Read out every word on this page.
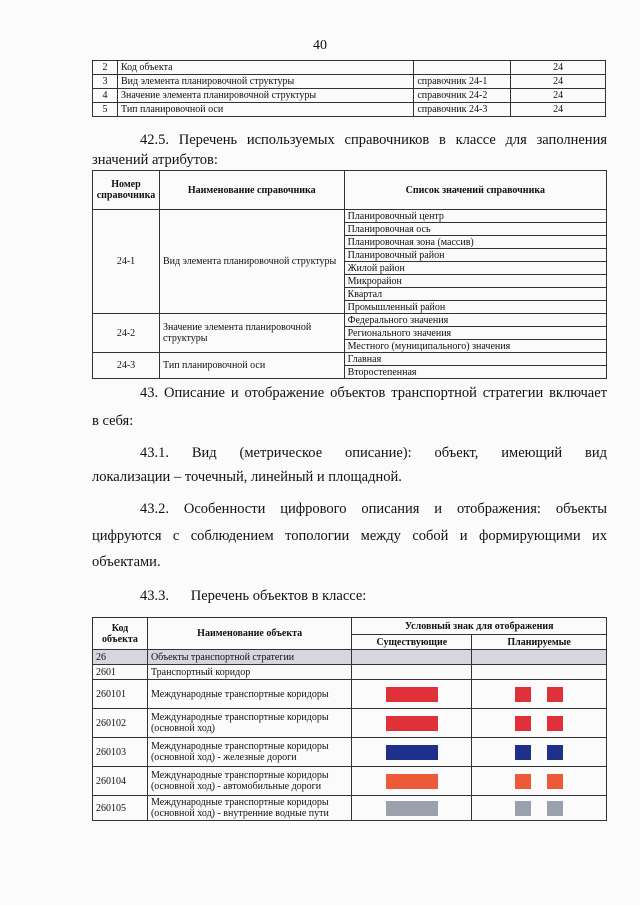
40
2	Код объекта		24
3	Вид элемента планировочной структуры	справочник 24-1	24
4	Значение элемента планировочной структуры	справочник 24-2	24
5	Тип планировочной оси	справочник 24-3	24
42.5. Перечень используемых справочников в классе для заполнения
значений атрибутов:
Номер справочника	Наименование справочника	Список значений справочника
24-1	Вид элемента планировочной структуры	Планировочный центр
		Планировочная ось
		Планировочная зона (массив)
		Планировочный район
		Жилой район
		Микрорайон
		Квартал
		Промышленный район
24-2	Значение элемента планировочной структуры	Федерального значения
		Регионального значения
		Местного (муниципального) значения
24-3	Тип планировочной оси	Главная
		Второстепенная
43. Описание и отображение объектов транспортной стратегии включает
в себя:
43.1. Вид (метрическое описание): объект, имеющий вид
локализации – точечный, линейный и площадной.
43.2. Особенности цифрового описания и отображения: объекты
цифруются с соблюдением топологии между собой и формирующими их
объектами.
43.3.      Перечень объектов в классе:
Код объекта	Наименование объекта	Условный знак для отображения	
		Существующие	Планируемые
26	Объекты транспортной стратегии		
2601	Транспортный коридор		
260101	Международные транспортные коридоры		
260102	Международные транспортные коридоры (основной ход)		
260103	Международные транспортные коридоры (основной ход) - железные дороги		
260104	Международные транспортные коридоры (основной ход) - автомобильные дороги		
260105	Международные транспортные коридоры (основной ход) - внутренние водные пути		
